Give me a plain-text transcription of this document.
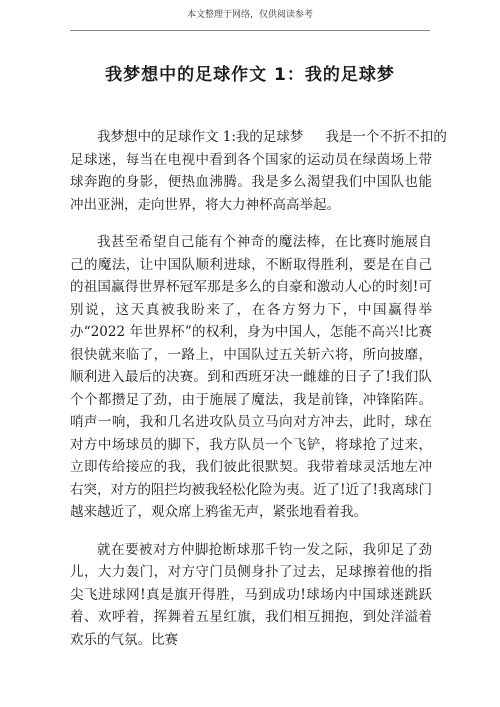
本文整理于网络，仅供阅读参考
我梦想中的足球作文 1：我的足球梦

我梦想中的足球作文 1:我的足球梦 我是一个不折不扣的

足球迷，每当在电视中看到各个国家的运动员在绿茵场上带球奔跑的身影，便热血沸腾。我是多么渴望我们中国队也能冲出亚洲，走向世界，将大力神杯高高举起。

我甚至希望自己能有个神奇的魔法棒，在比赛时施展自己的魔法，让中国队顺利进球，不断取得胜利，要是在自己的祖国赢得世界杯冠军那是多么的自豪和激动人心的时刻!可别说，这天真被我盼来了，在各方努力下，中国赢得举办“2022 年世界杯”的权利，身为中国人，怎能不高兴!比赛很快就来临了，一路上，中国队过五关斩六将，所向披靡，顺利进入最后的决赛。到和西班牙决一雌雄的日子了!我们队个个都攒足了劲，由于施展了魔法，我是前锋，冲锋陷阵。哨声一响，我和几名进攻队员立马向对方冲去，此时，球在对方中场球员的脚下，我方队员一个飞铲，将球抢了过来，立即传给接应的我，我们彼此很默契。我带着球灵活地左冲右突，对方的阻拦均被我轻松化险为夷。近了!近了!我离球门越来越近了，观众席上鸦雀无声，紧张地看着我。

就在要被对方仲脚抢断球那千钧一发之际，我卯足了劲儿，大力轰门，对方守门员侧身扑了过去，足球擦着他的指尖飞进球网!真是旗开得胜，马到成功!球场内中国球迷跳跃着、欢呼着，挥舞着五星红旗，我们相互拥抱，到处洋溢着欢乐的气氛。比赛
